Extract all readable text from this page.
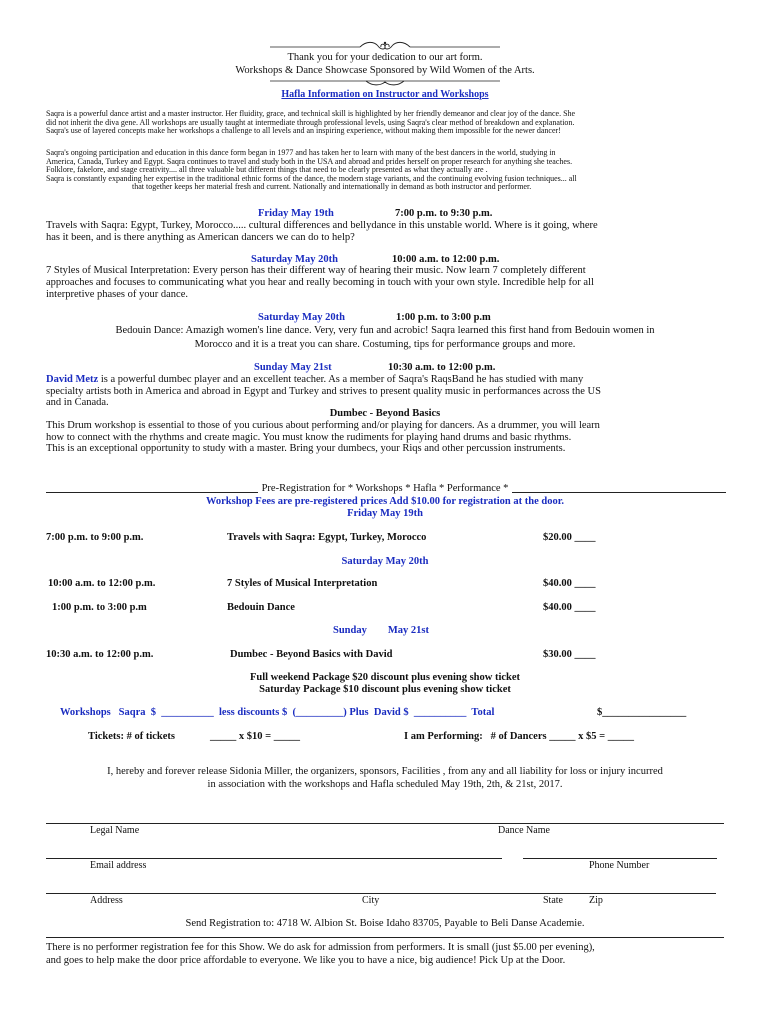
Thank you for your dedication to our art form.
Workshops & Dance Showcase Sponsored by Wild Women of the Arts.
Hafla Information on Instructor and Workshops
Saqra is a powerful dance artist and a master instructor. Her fluidity, grace, and technical skill is highlighted by her friendly demeanor and clear joy of the dance. She
did not inherit the diva gene. All workshops are usually taught at intermediate through professional levels, using Saqra's clear method of breakdown and explanation.
Saqra's use of layered concepts make her workshops a challenge to all levels and an inspiring experience, without making them impossible for the newer dancer!
Saqra's ongoing participation and education in this dance form began in 1977 and has taken her to learn with many of the best dancers in the world, studying in
America, Canada, Turkey and Egypt. Saqra continues to travel and study both in the USA and abroad and prides herself on proper research for anything she teaches.
Folklore, fakelore, and stage creativity.... all three valuable but different things that need to be clearly presented as what they actually are .
Saqra is constantly expanding her expertise in the traditional ethnic forms of the dance, the modern stage variants, and the continuing evolving fusion techniques... all
that together keeps her material fresh and current. Nationally and internationally in demand as both instructor and performer.
Friday May 19th	7:00 p.m. to 9:30 p.m.
Travels with Saqra: Egypt, Turkey, Morocco..... cultural differences and bellydance in this unstable world. Where is it going, where
has it been, and is there anything as American dancers we can do to help?
Saturday May 20th	10:00 a.m. to 12:00 p.m.
7 Styles of Musical Interpretation: Every person has their different way of hearing their music. Now learn 7 completely different
approaches and focuses to communicating what you hear and really becoming in touch with your own style. Incredible help for all
interpretive phases of your dance.
Saturday May 20th	1:00 p.m. to 3:00 p.m
Bedouin Dance: Amazigh women's line dance. Very, very fun and acrobic! Saqra learned this first hand from Bedouin women in
Morocco and it is a treat you can share. Costuming, tips for performance groups and more.
Sunday May 21st	10:30 a.m. to 12:00 p.m.
David Metz is a powerful dumbec player and an excellent teacher. As a member of Saqra's RaqsBand he has studied with many
specialty artists both in America and abroad in Egypt and Turkey and strives to present quality music in performances across the US
and in Canada.
Dumbec - Beyond Basics
This Drum workshop is essential to those of you curious about performing and/or playing for dancers. As a drummer, you will learn
how to connect with the rhythms and create magic. You must know the rudiments for playing hand drums and basic rhythms.
This is an exceptional opportunity to study with a master. Bring your dumbecs, your Riqs and other percussion instruments.
Pre-Registration for * Workshops * Hafla * Performance *
Workshop Fees are pre-registered prices Add $10.00 for registration at the door.
Friday May 19th
7:00 p.m. to 9:00 p.m.	Travels with Saqra: Egypt, Turkey, Morocco	$20.00 ____
Saturday May 20th
10:00 a.m. to 12:00 p.m.	7 Styles of Musical Interpretation	$40.00 ____
1:00 p.m. to 3:00 p.m	Bedouin Dance	$40.00 ____
Sunday        May 21st
10:30 a.m. to 12:00 p.m.	Dumbec - Beyond Basics with David	$30.00 ____
Full weekend Package $20 discount plus evening show ticket
Saturday Package $10 discount plus evening show ticket
Workshops   Saqra  $  __________  less discounts $  (_________) Plus  David $  __________  Total	$________________
Tickets: # of tickets	_____ x $10 = _____	I am Performing:   # of Dancers _____ x $5 = _____
I, hereby and forever release Sidonia Miller, the organizers, sponsors, Facilities , from any and all liability for loss or injury incurred
in association with the workshops and Hafla scheduled May 19th, 2th, & 21st, 2017.
Legal Name	Dance Name
Email address	Phone Number
Address	City	State	Zip
Send Registration to: 4718 W. Albion St. Boise Idaho 83705, Payable to Beli Danse Academie.
There is no performer registration fee for this Show. We do ask for admission from performers. It is small (just $5.00 per evening),
and goes to help make the door price affordable to everyone. We like you to have a nice, big audience! Pick Up at the Door.
